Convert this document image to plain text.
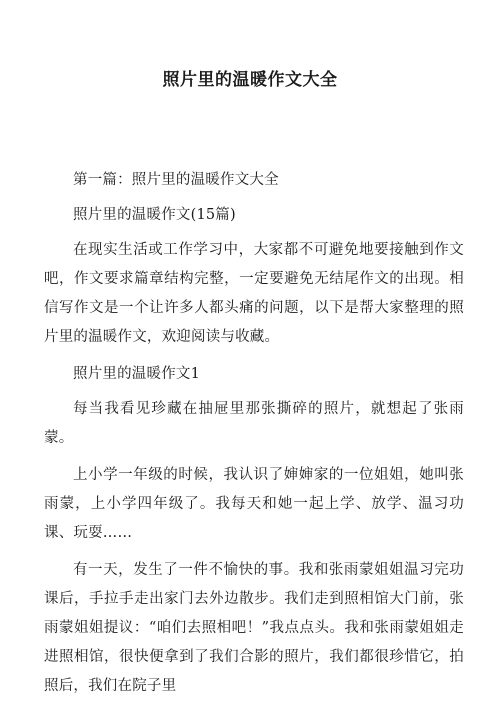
照片里的温暖作文大全

第一篇：照片里的温暖作文大全

照片里的温暖作文(15篇)

在现实生活或工作学习中，大家都不可避免地要接触到作文吧，作文要求篇章结构完整，一定要避免无结尾作文的出现。相信写作文是一个让许多人都头痛的问题，以下是帮大家整理的照片里的温暖作文，欢迎阅读与收藏。

照片里的温暖作文1

每当我看见珍藏在抽屉里那张撕碎的照片，就想起了张雨蒙。

上小学一年级的时候，我认识了婶婶家的一位姐姐，她叫张雨蒙，上小学四年级了。我每天和她一起上学、放学、温习功课、玩耍……

有一天，发生了一件不愉快的事。我和张雨蒙姐姐温习完功课后，手拉手走出家门去外边散步。我们走到照相馆大门前，张雨蒙姐姐提议：“咱们去照相吧！”我点点头。我和张雨蒙姐姐走进照相馆，很快便拿到了我们合影的照片，我们都很珍惜它，拍照后，我们在院子里
